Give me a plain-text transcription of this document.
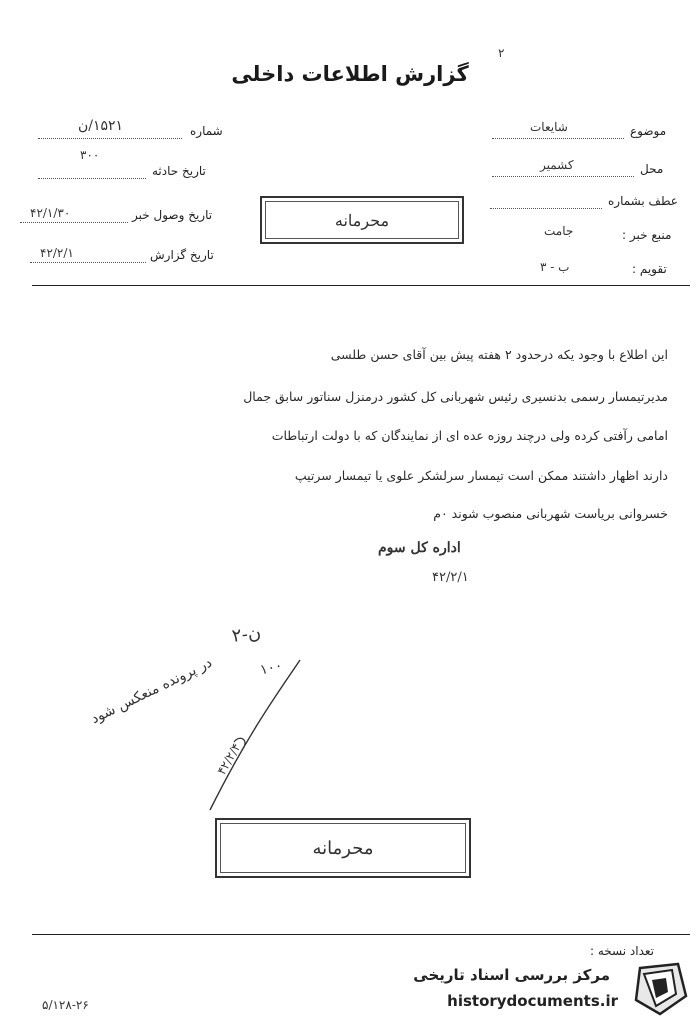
۲
گزارش اطلاعات داخلی
شماره
۱۵۲۱/ن
۳۰۰
تاریخ حادثه
تاریخ وصول خبر
۴۲/۱/۳۰
تاریخ گزارش
۴۲/۲/۱
موضوع
شایعات
محل
کشمیر
عطف بشماره
منبع خبر :
جامت
تقویم :
ب - ۳
محرمانه
این اطلاع با وجود یکه درحدود ۲ هفته پیش بین آقای حسن طلسی
مدیرتیمسار رسمی بدنسیری رئیس شهربانی کل کشور درمنزل سناتور سابق جمال
امامی رآفتی کرده ولی درچند روزه عده ای از نمایندگان که با دولت ارتباطات
دارند اظهار داشتند ممکن است تیمسار سرلشکر علوی یا تیمسار سرتیپ
خسروانی بریاست شهربانی منصوب شوند ۰م
اداره کل سوم
۴۲/۲/۱
ن-۲
۱۰۰
در پرونده منعکس شود
۴۲/۲/۴
محرمانه
تعداد نسخه :
۵/۱۲۸-۲۶
مرکز بررسی اسناد تاریخی
historydocuments.ir
